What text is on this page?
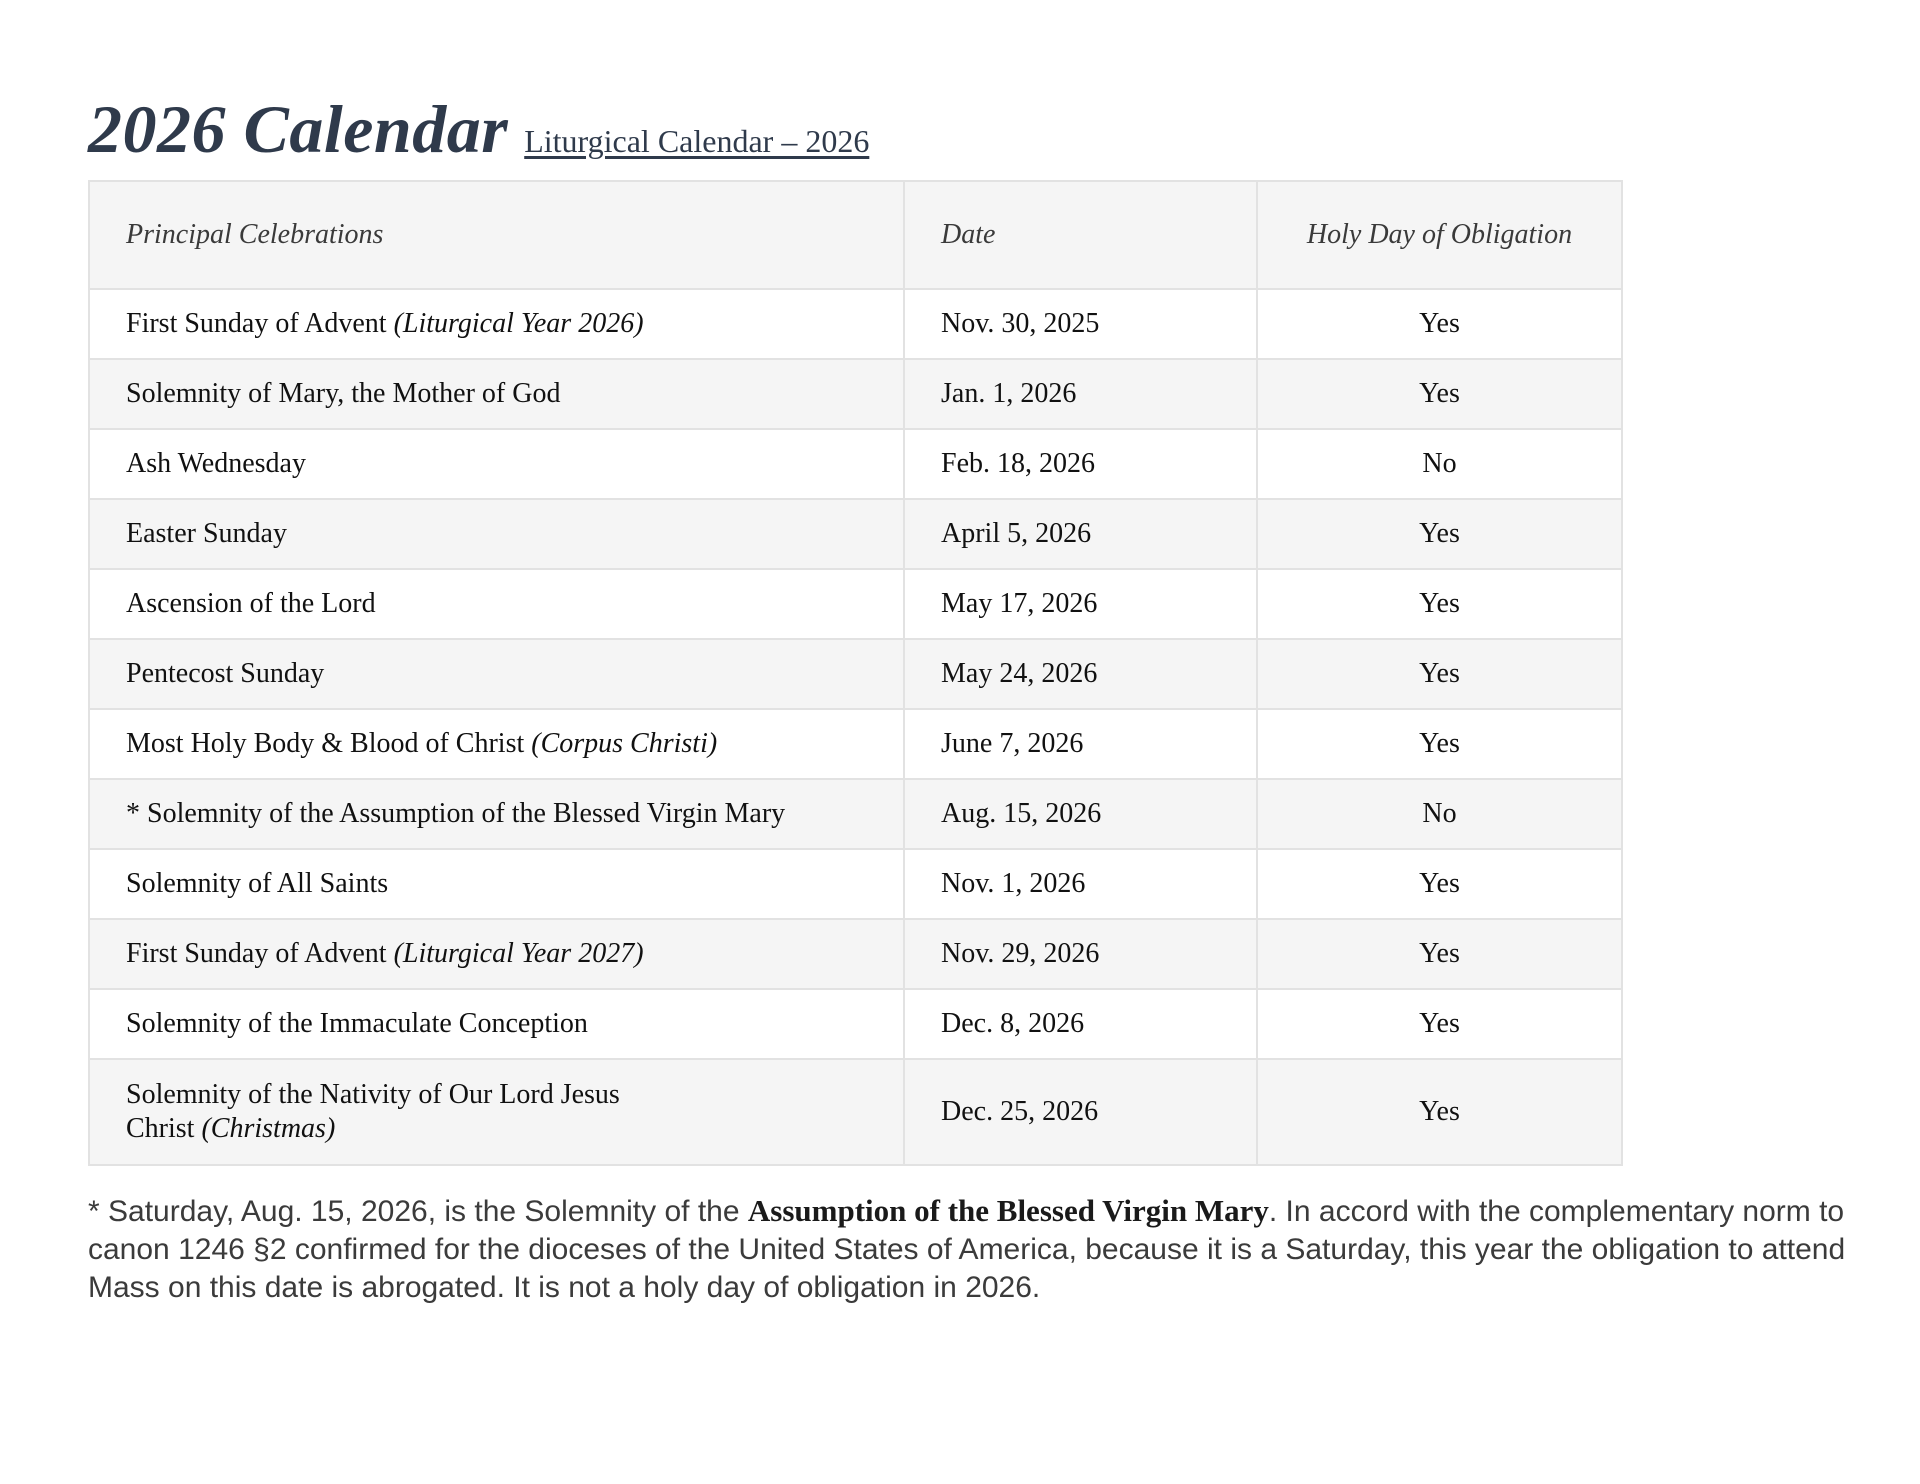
2026 Calendar Liturgical Calendar – 2026
Principal Celebrations	Date	Holy Day of Obligation
First Sunday of Advent (Liturgical Year 2026)	Nov. 30, 2025	Yes
Solemnity of Mary, the Mother of God	Jan. 1, 2026	Yes
Ash Wednesday	Feb. 18, 2026	No
Easter Sunday	April 5, 2026	Yes
Ascension of the Lord	May 17, 2026	Yes
Pentecost Sunday	May 24, 2026	Yes
Most Holy Body & Blood of Christ (Corpus Christi)	June 7, 2026	Yes
* Solemnity of the Assumption of the Blessed Virgin Mary	Aug. 15, 2026	No
Solemnity of All Saints	Nov. 1, 2026	Yes
First Sunday of Advent (Liturgical Year 2027)	Nov. 29, 2026	Yes
Solemnity of the Immaculate Conception	Dec. 8, 2026	Yes
Solemnity of the Nativity of Our Lord Jesus Christ (Christmas)	Dec. 25, 2026	Yes
* Saturday, Aug. 15, 2026, is the Solemnity of the Assumption of the Blessed Virgin Mary. In accord with the complementary norm to canon 1246 §2 confirmed for the dioceses of the United States of America, because it is a Saturday, this year the obligation to attend Mass on this date is abrogated. It is not a holy day of obligation in 2026.
